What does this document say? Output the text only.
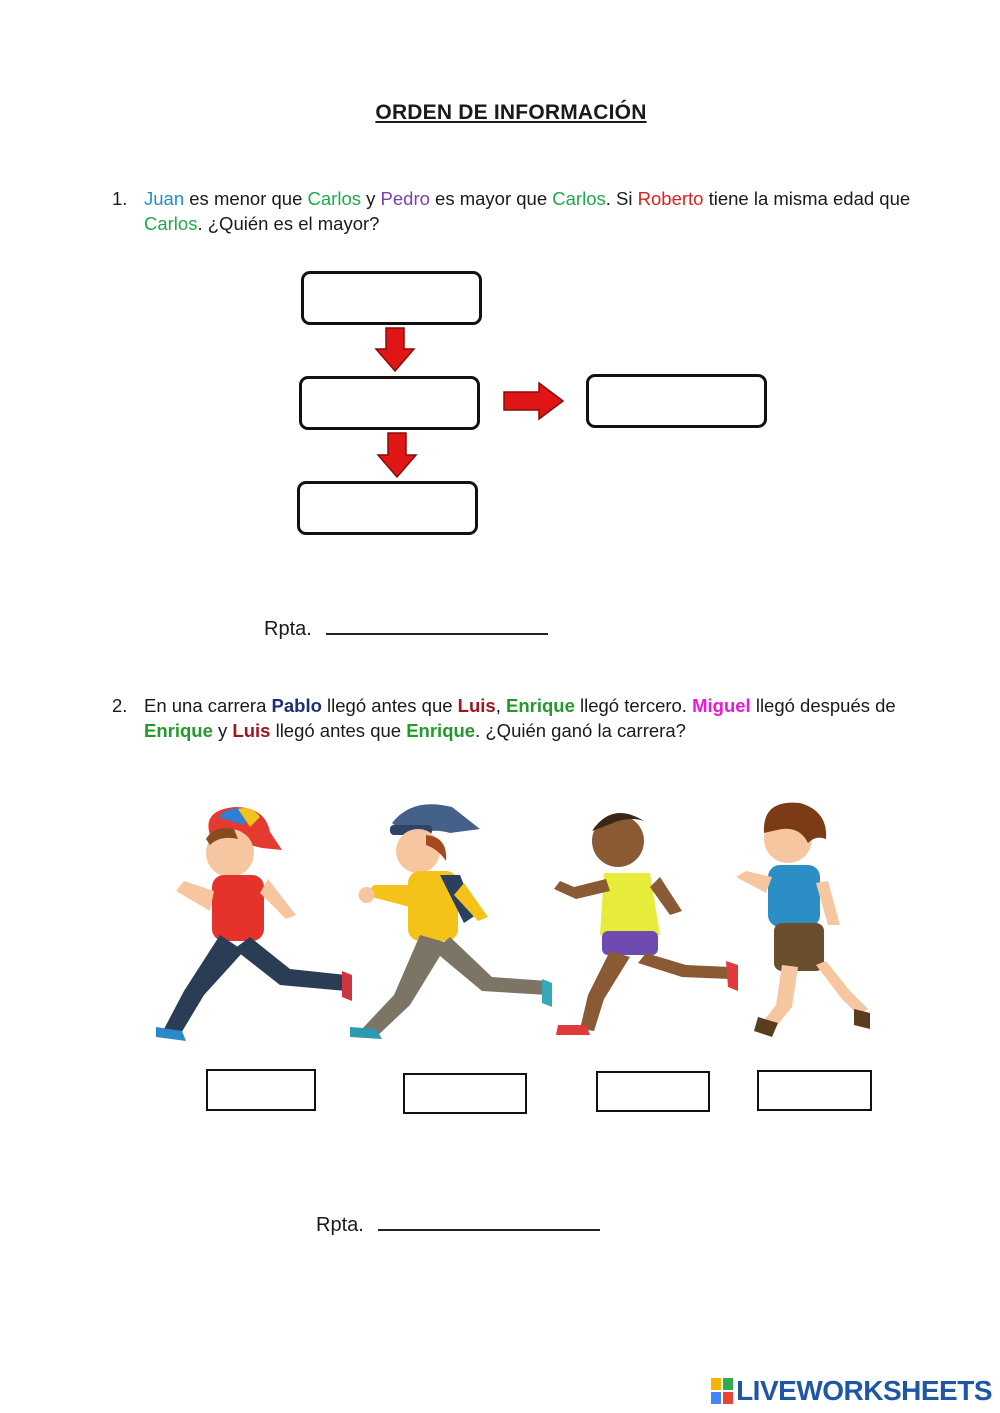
ORDEN DE INFORMACIÓN
1. Juan es menor que Carlos y Pedro es mayor que Carlos. Si Roberto tiene la misma edad que Carlos. ¿Quién es el mayor?
Rpta.
2. En una carrera Pablo llegó antes que Luis, Enrique llegó tercero. Miguel llegó después de Enrique y Luis llegó antes que Enrique. ¿Quién ganó la carrera?
Rpta.
LIVEWORKSHEETS
